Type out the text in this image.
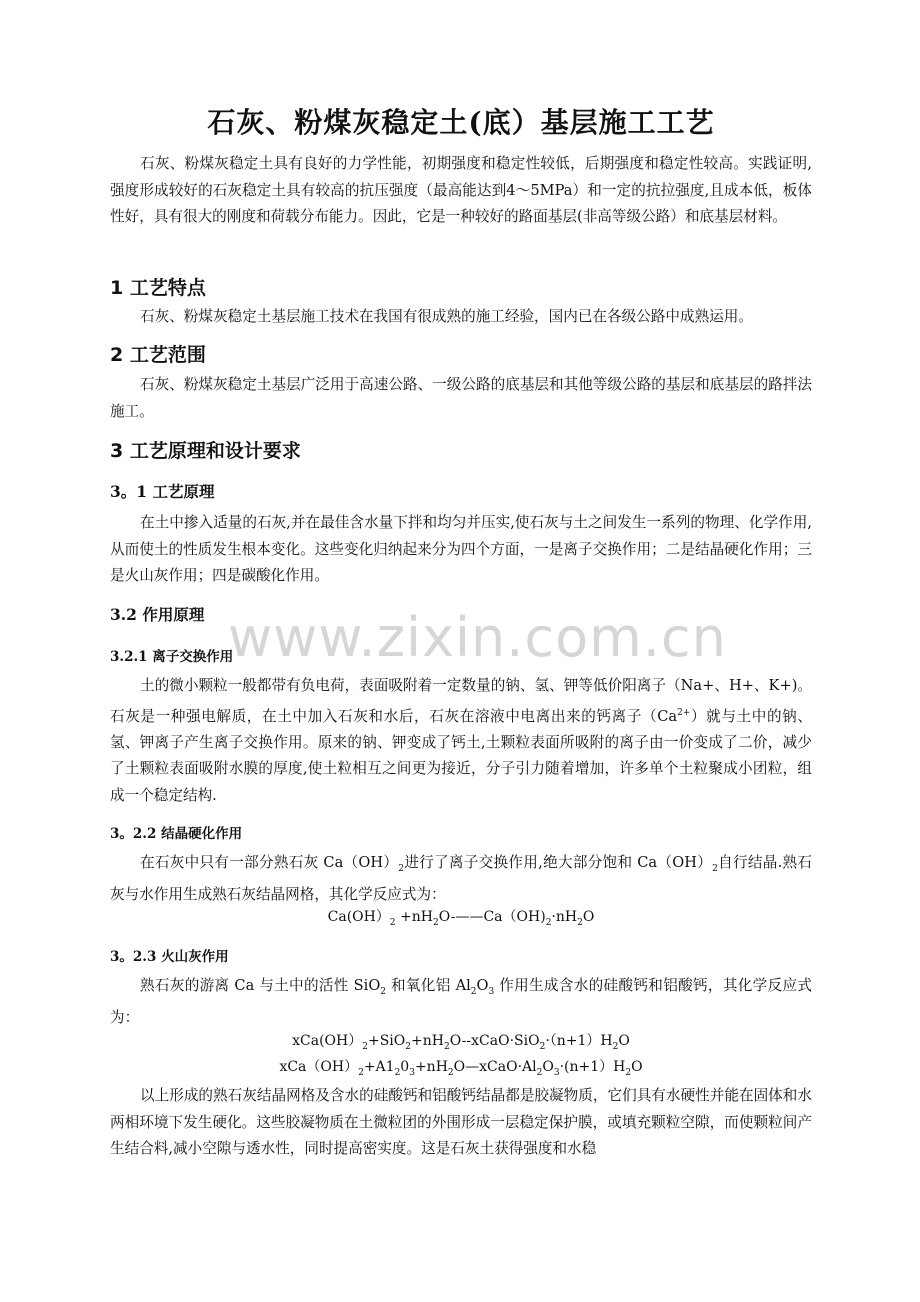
www.zixin.com.cn
石灰、粉煤灰稳定土(底）基层施工工艺
石灰、粉煤灰稳定土具有良好的力学性能，初期强度和稳定性较低，后期强度和稳定性较高。实践证明,强度形成较好的石灰稳定土具有较高的抗压强度（最高能达到4～5MPa）和一定的抗拉强度,且成本低，板体性好，具有很大的刚度和荷载分布能力。因此，它是一种较好的路面基层(非高等级公路）和底基层材料。
1 工艺特点
石灰、粉煤灰稳定土基层施工技术在我国有很成熟的施工经验，国内已在各级公路中成熟运用。
2 工艺范围
石灰、粉煤灰稳定土基层广泛用于高速公路、一级公路的底基层和其他等级公路的基层和底基层的路拌法施工。
3 工艺原理和设计要求
3。1 工艺原理
在土中掺入适量的石灰,并在最佳含水量下拌和均匀并压实,使石灰与土之间发生一系列的物理、化学作用,从而使土的性质发生根本变化。这些变化归纳起来分为四个方面，一是离子交换作用；二是结晶硬化作用；三是火山灰作用；四是碳酸化作用。
3.2 作用原理
3.2.1 离子交换作用
土的微小颗粒一般都带有负电荷，表面吸附着一定数量的钠、氢、钾等低价阳离子（Na+、H+、K+)。石灰是一种强电解质，在土中加入石灰和水后，石灰在溶液中电离出来的钙离子$(Ca^{2+})$就与土中的钠、氢、钾离子产生离子交换作用。原来的钠、钾变成了钙土,土颗粒表面所吸附的离子由一价变成了二价，减少了土颗粒表面吸附水膜的厚度,使土粒相互之间更为接近，分子引力随着增加，许多单个土粒聚成小团粒，组成一个稳定结构.
3。2.2 结晶硬化作用
在石灰中只有一部分熟石灰 $Ca(OH)_2$进行了离子交换作用,绝大部分饱和 $Ca(OH)_2$自行结晶.熟石灰与水作用生成熟石灰结晶网格，其化学反应式为：
$Ca(OH)_2$ $+nH_2O-——Ca(OH)_2\cdot nH_2O$
3。2.3 火山灰作用
熟石灰的游离 Ca 与土中的活性 SiO$_2$ 和氧化铝 $Al_2O_3$ 作用生成含水的硅酸钙和铝酸钙，其化学反应式为：
$xCa(OH)_2+SiO_2+nH_2O--xCaO\cdot SiO_2\cdot(n+1)H_2O$
$xCa(OH)_2+A1_20_3+nH_2O—xCaO\cdot Al_2O_3\cdot(n+1)H_2O$
以上形成的熟石灰结晶网格及含水的硅酸钙和铝酸钙结晶都是胶凝物质，它们具有水硬性并能在固体和水两相环境下发生硬化。这些胶凝物质在土微粒团的外围形成一层稳定保护膜，或填充颗粒空隙，而使颗粒间产生结合料,减小空隙与透水性，同时提高密实度。这是石灰土获得强度和水稳
